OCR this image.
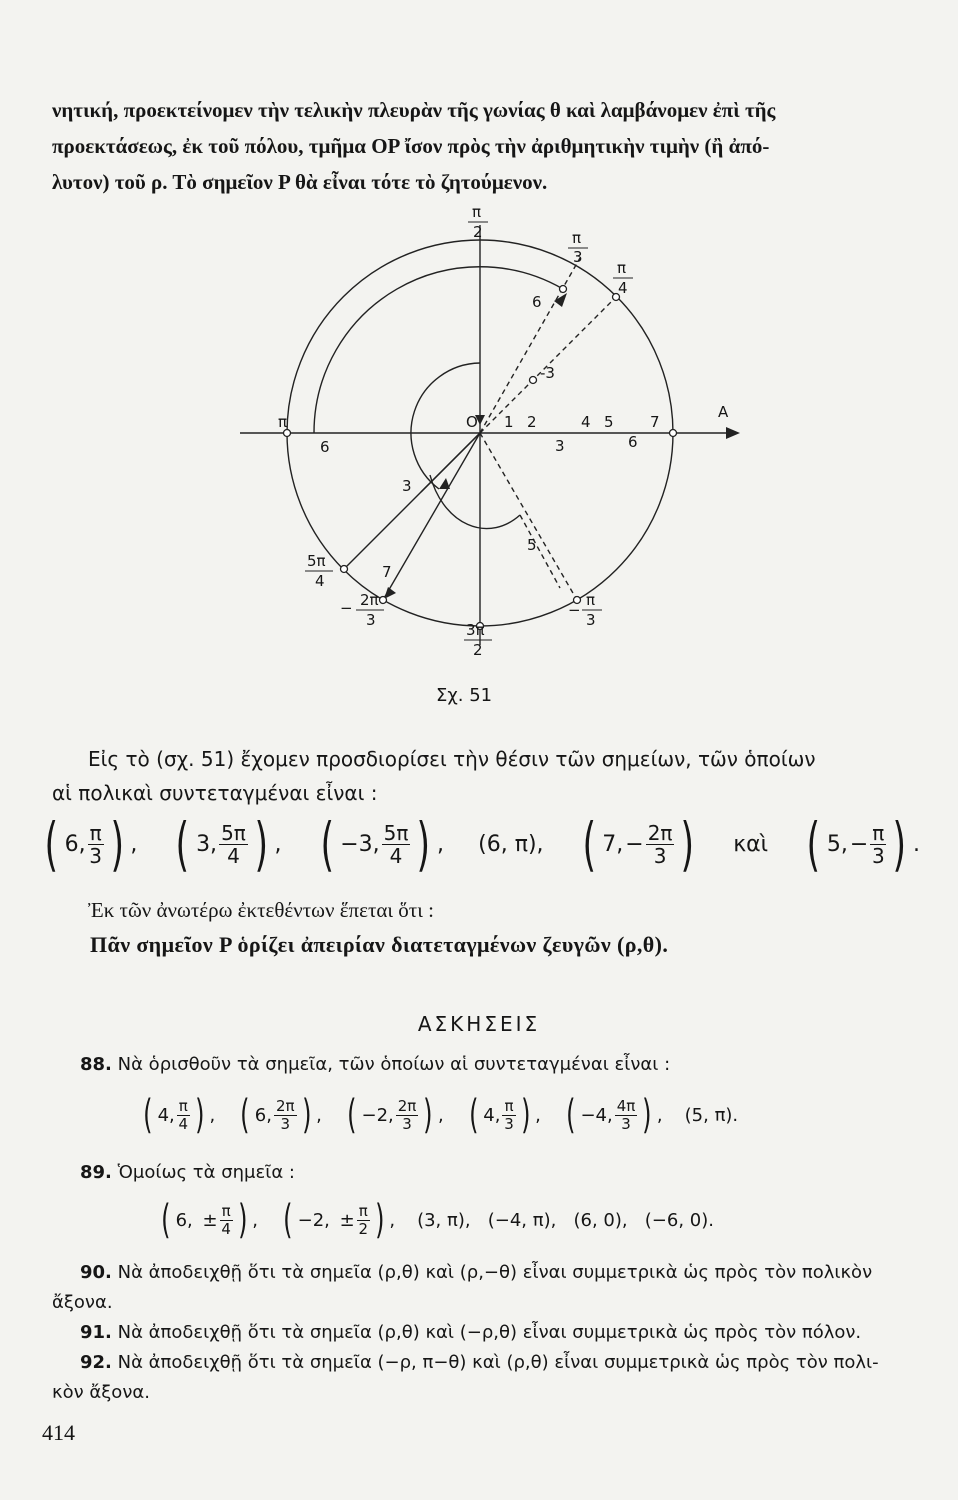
νητική, προεκτείνομεν τὴν τελικὴν πλευρὰν τῆς γωνίας θ καὶ λαμβάνομεν ἐπὶ τῆς

προεκτάσεως, ἐκ τοῦ πόλου, τμῆμα OP ἴσον πρὸς τὴν ἀριθμητικὴν τιμὴν (ἢ ἀπό-

λυτον) τοῦ ρ. Τὸ σημεῖον P θὰ εἶναι τότε τὸ ζητούμενον.

π
2	π
3
π
4
π
5π
4
− 2π
3
3π
2
−
π
3
O 1 2	4 5 7
A
6
-3
3	6
6
3
5
7
Σχ. 51

Εἰς τὸ (σχ. 51) ἔχομεν προσδιορίσει τὴν θέσιν τῶν σημείων, τῶν ὁποίων

αἱ πολικαὶ συντεταγμέναι εἶναι :

( 6, $\frac{\pi}{3}$ ) , ( 3, $\frac{5\pi}{4}$ ) , ( −3, $\frac{5\pi}{4}$ ) , (6, π), ( 7, − $\frac{2\pi}{3}$ ) καὶ ( 5, − $\frac{\pi}{3}$ ) .
Ἐκ τῶν ἀνωτέρω ἐκτεθέντων ἕπεται ὅτι :
Πᾶν σημεῖον P ὁρίζει ἀπειρίαν διατεταγμένων ζευγῶν (ρ,θ).
ΑΣΚΗΣΕΙΣ
88. Νὰ ὁρισθοῦν τὰ σημεῖα, τῶν ὁποίων αἱ συντεταγμέναι εἶναι :
( 4, $\frac{\pi}{4}$ ) , ( 6, $\frac{2\pi}{3}$ ) , ( −2, $\frac{2\pi}{3}$ ) , ( 4, $\frac{\pi}{3}$ ) , ( −4, $\frac{4\pi}{3}$ ) , (5, π).
89. Ὁμοίως τὰ σημεῖα :
( 6,
± $\frac{\pi}{4}$ ) , ( −2,
± $\frac{\pi}{2}$ ) , (3, π),   (−4, π),   (6, 0),   (−6, 0).
90. Νὰ ἀποδειχθῇ ὅτι τὰ σημεῖα (ρ,θ) καὶ (ρ,−θ) εἶναι συμμετρικὰ ὡς πρὸς τὸν πολικὸν
ἄξονα.
91. Νὰ ἀποδειχθῇ ὅτι τὰ σημεῖα (ρ,θ) καὶ (−ρ,θ) εἶναι συμμετρικὰ ὡς πρὸς τὸν πόλον.
92. Νὰ ἀποδειχθῇ ὅτι τὰ σημεῖα (−ρ, π−θ) καὶ (ρ,θ) εἶναι συμμετρικὰ ὡς πρὸς τὸν πολι-
κὸν ἄξονα.
414
